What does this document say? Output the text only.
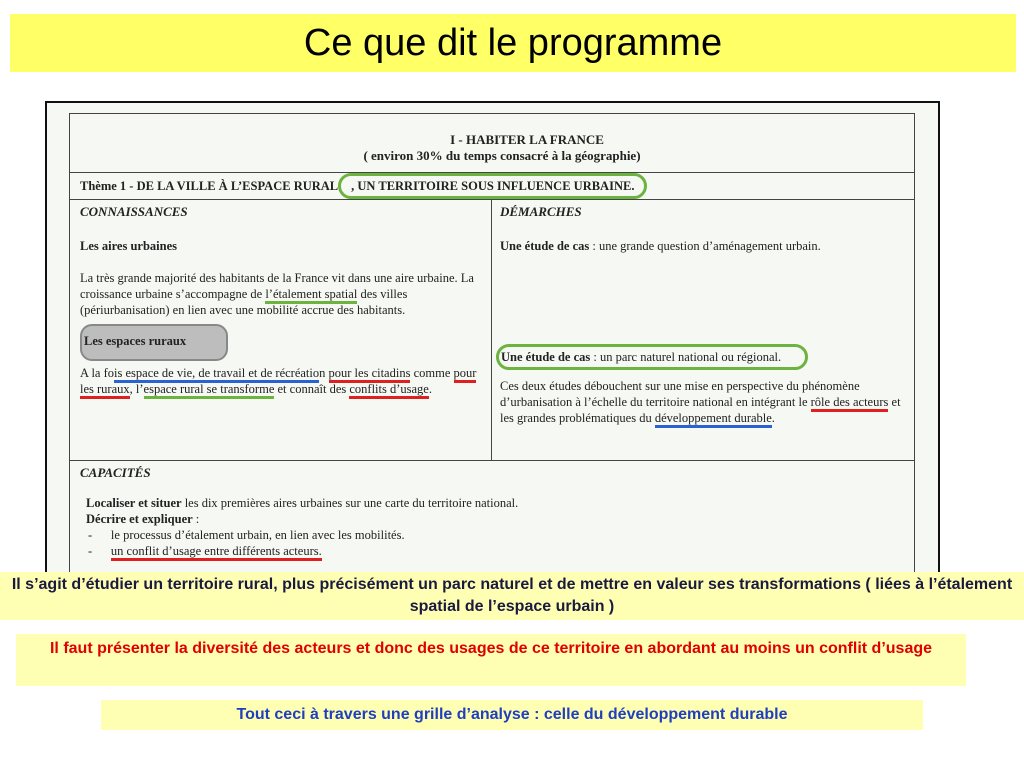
Ce que dit le programme
I - HABITER LA FRANCE
( environ 30% du temps consacré à la géographie)
Thème 1 - DE LA VILLE À L’ESPACE RURAL , UN TERRITOIRE SOUS INFLUENCE URBAINE.
CONNAISSANCES

Les aires urbaines

La très grande majorité des habitants de la France vit dans une aire urbaine. La croissance urbaine s’accompagne de l’étalement spatial des villes (périurbanisation) en lien avec une mobilité accrue des habitants.

Les espaces ruraux

A la fois espace de vie, de travail et de récréation pour les citadins comme pour les ruraux, l’espace rural se transforme et connaît des conflits d’usage.

DÉMARCHES

Une étude de cas : une grande question d’aménagement urbain.

Une étude de cas : un parc naturel national ou régional.

Ces deux études débouchent sur une mise en perspective du phénomène d’urbanisation à l’échelle du territoire national en intégrant le rôle des acteurs et les grandes problématiques du développement durable.

CAPACITÉS

Localiser et situer les dix premières aires urbaines sur une carte du territoire national.

Décrire et expliquer :

-      le processus d’étalement urbain, en lien avec les mobilités.

-      un conflit d’usage entre différents acteurs.

Il s’agit d’étudier un territoire rural, plus précisément un parc naturel et de mettre en valeur ses transformations ( liées à l’étalement spatial de l’espace urbain )
Il faut présenter la diversité des acteurs et donc des usages de ce territoire en abordant au moins un conflit d’usage
Tout ceci à travers une grille d’analyse : celle du développement durable
